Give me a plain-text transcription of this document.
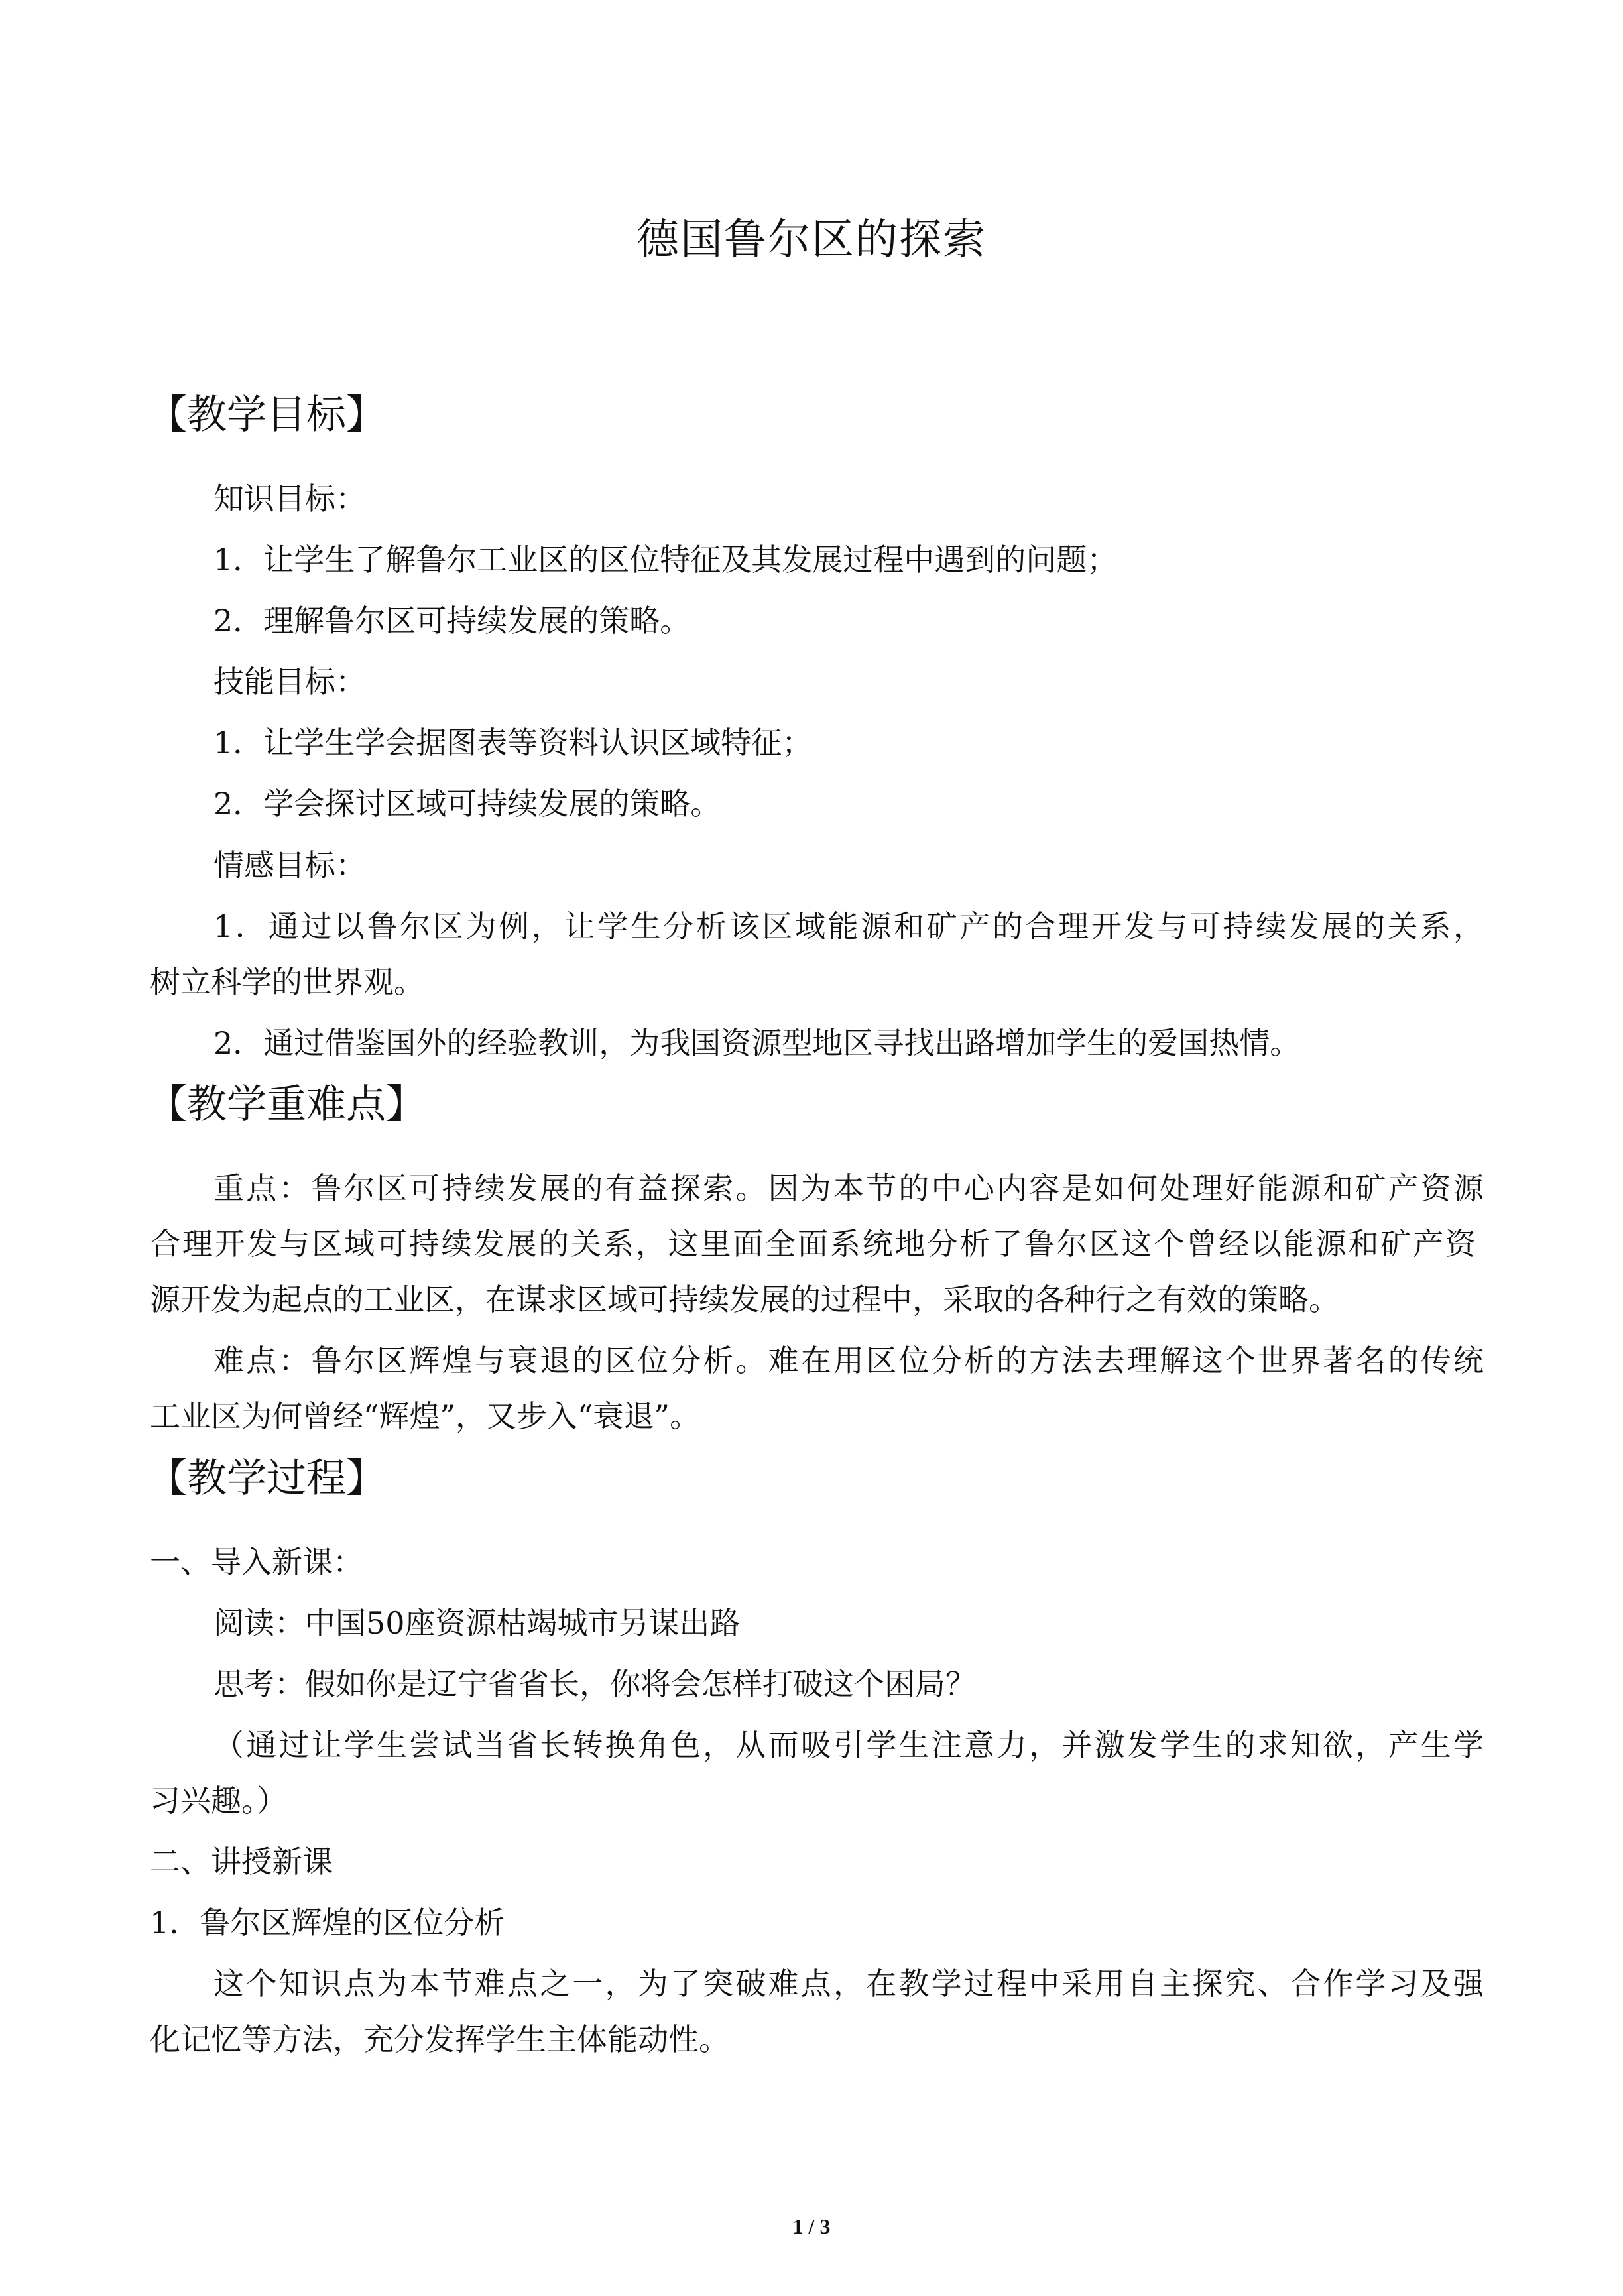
德国鲁尔区的探索
【教学目标】
知识目标：
1．让学生了解鲁尔工业区的区位特征及其发展过程中遇到的问题；
2．理解鲁尔区可持续发展的策略。
技能目标：
1．让学生学会据图表等资料认识区域特征；
2．学会探讨区域可持续发展的策略。
情感目标：
1．通过以鲁尔区为例，让学生分析该区域能源和矿产的合理开发与可持续发展的关系，
树立科学的世界观。
2．通过借鉴国外的经验教训，为我国资源型地区寻找出路增加学生的爱国热情。
【教学重难点】
重点：鲁尔区可持续发展的有益探索。因为本节的中心内容是如何处理好能源和矿产资源
合理开发与区域可持续发展的关系，这里面全面系统地分析了鲁尔区这个曾经以能源和矿产资
源开发为起点的工业区，在谋求区域可持续发展的过程中，采取的各种行之有效的策略。
难点：鲁尔区辉煌与衰退的区位分析。难在用区位分析的方法去理解这个世界著名的传统
工业区为何曾经“辉煌”，又步入“衰退”。
【教学过程】
一、导入新课：
阅读：中国50座资源枯竭城市另谋出路
思考：假如你是辽宁省省长，你将会怎样打破这个困局？
（通过让学生尝试当省长转换角色，从而吸引学生注意力，并激发学生的求知欲，产生学
习兴趣。）
二、讲授新课
1．鲁尔区辉煌的区位分析
这个知识点为本节难点之一，为了突破难点，在教学过程中采用自主探究、合作学习及强
化记忆等方法，充分发挥学生主体能动性。
1 / 3
